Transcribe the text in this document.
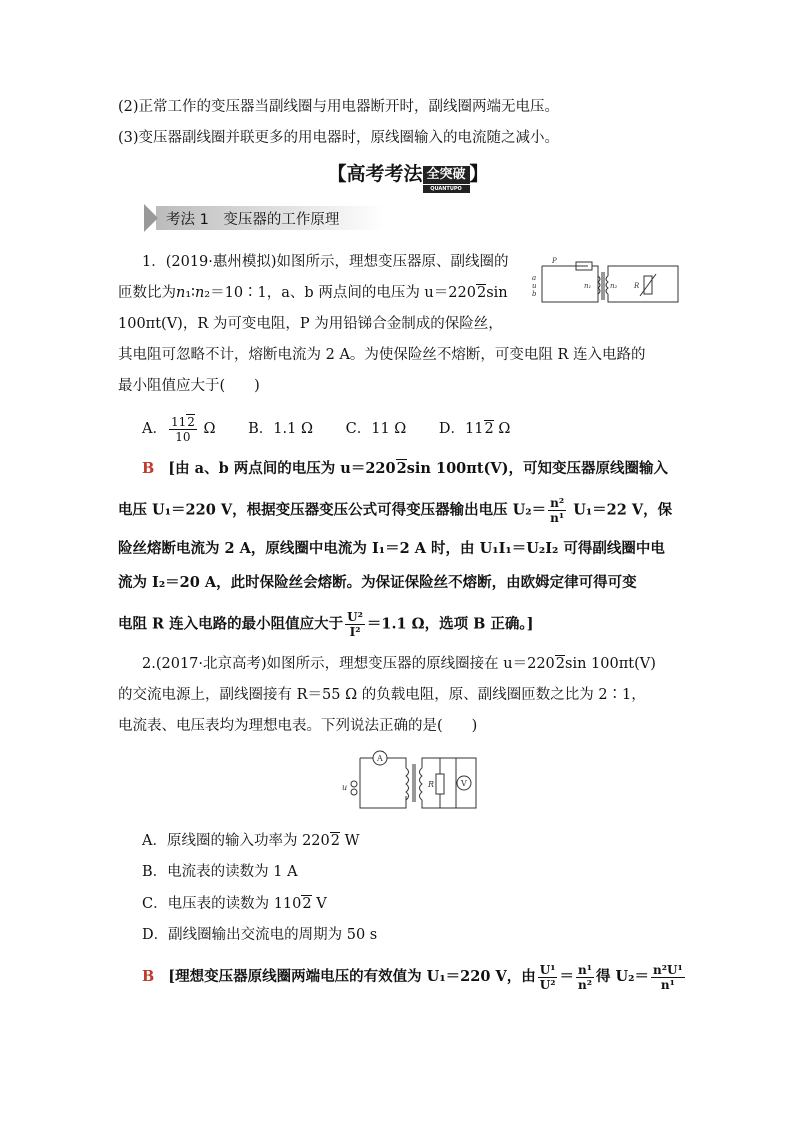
(2)正常工作的变压器当副线圈与用电器断开时，副线圈两端无电压。
(3)变压器副线圈并联更多的用电器时，原线圈输入的电流随之减小。
【高考考法 全突破
QUANTUPO
】
考法 1　变压器的工作原理
1．(2019·惠州模拟)如图所示，理想变压器原、副线圈的
匝数比为n₁∶n₂＝10∶1，a、b 两点间的电压为 u＝2202sin
100πt(V)，R 为可变电阻，P 为用铅锑合金制成的保险丝，
其电阻可忽略不计，熔断电流为 2 A。为使保险丝不熔断，可变电阻 R 连入电路的
最小阻值应大于(　　)
P
a
u
b
n₁	n₂ R
A． $\frac{112}{10}$ Ω B．1.1 Ω C．11 Ω D．112 Ω
B [由 a、b 两点间的电压为 u＝2202sin 100πt(V)，可知变压器原线圈输入
电压 U₁＝220 V，根据变压器变压公式可得变压器输出电压 $U_2= \frac{\text{n²}}{\text{n¹}} U_1=22$ V，保
险丝熔断电流为 2 A，原线圈中电流为 I₁＝2 A 时，由 U₁I₁＝U₂I₂ 可得副线圈中电
流为 I₂＝20 A，此时保险丝会熔断。为保证保险丝不熔断，由欧姆定律可得可变
电阻 R 连入电路的最小阻值应大于 $\frac{\text{U²}}{\text{I²}} =1.1$ Ω，选项 B 正确。]
2.(2017·北京高考)如图所示，理想变压器的原线圈接在 u＝2202sin 100πt(V)
的交流电源上，副线圈接有 R＝55 Ω 的负载电阻，原、副线圈匝数之比为 2∶1，
电流表、电压表均为理想电表。下列说法正确的是(　　)
A
V
u	R
A．原线圈的输入功率为 2202 W
B．电流表的读数为 1 A
C．电压表的读数为 1102 V
D．副线圈输出交流电的周期为 50 s
B [理想变压器原线圈两端电压的有效值为 U₁＝220 V，由 $\frac{\text{U¹}}{\text{U²}} = \frac{\text{n¹}}{\text{n²}}$ 得 $U_2= \frac{\text{n²U¹}}{\text{n¹}}$
